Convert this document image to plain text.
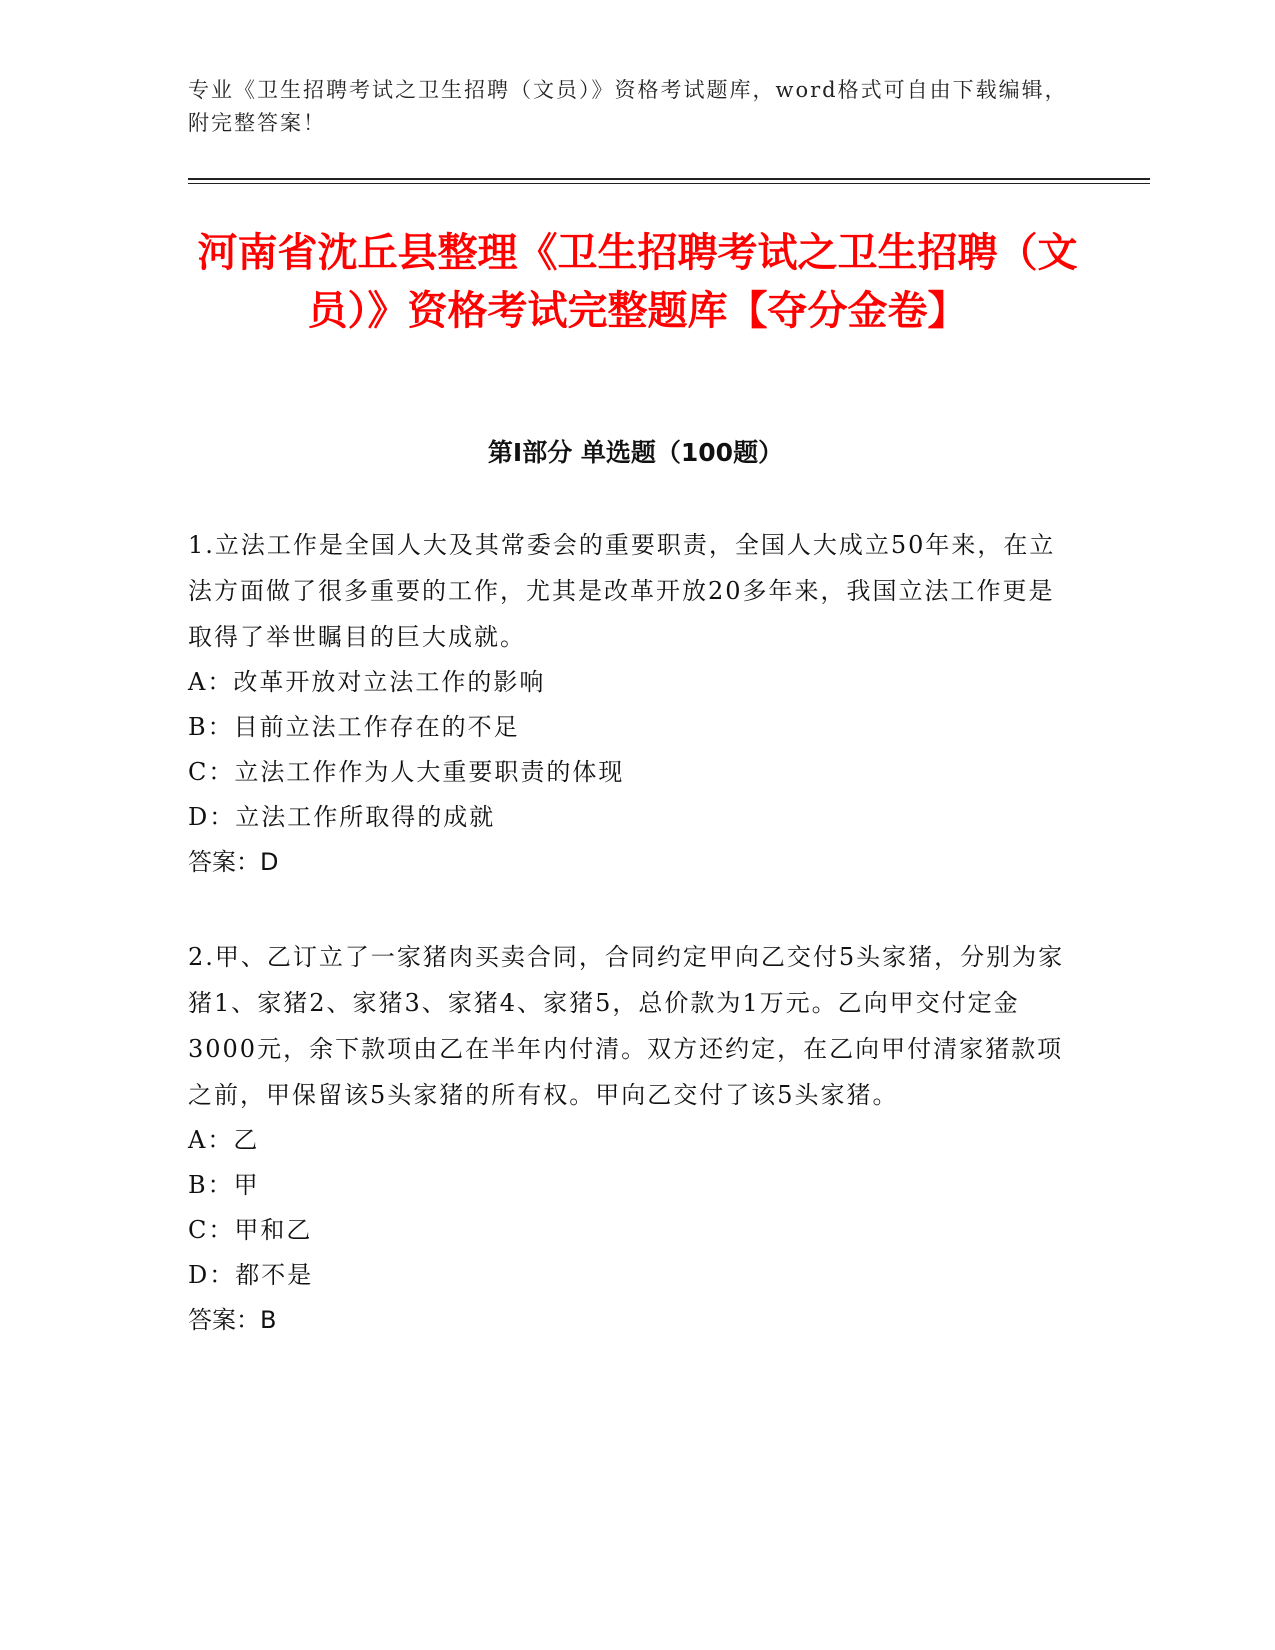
专业《卫生招聘考试之卫生招聘（文员）》资格考试题库，word格式可自由下载编辑，附完整答案！
河南省沈丘县整理《卫生招聘考试之卫生招聘（文员）》资格考试完整题库【夺分金卷】
第I部分 单选题（100题）
1.立法工作是全国人大及其常委会的重要职责，全国人大成立50年来，在立法方面做了很多重要的工作，尤其是改革开放20多年来，我国立法工作更是取得了举世瞩目的巨大成就。
A：改革开放对立法工作的影响
B：目前立法工作存在的不足
C：立法工作作为人大重要职责的体现
D：立法工作所取得的成就
答案：D
2.甲、乙订立了一家猪肉买卖合同，合同约定甲向乙交付5头家猪，分别为家猪1、家猪2、家猪3、家猪4、家猪5，总价款为1万元。乙向甲交付定金3000元，余下款项由乙在半年内付清。双方还约定，在乙向甲付清家猪款项之前，甲保留该5头家猪的所有权。甲向乙交付了该5头家猪。
A：乙
B：甲
C：甲和乙
D：都不是
答案：B
